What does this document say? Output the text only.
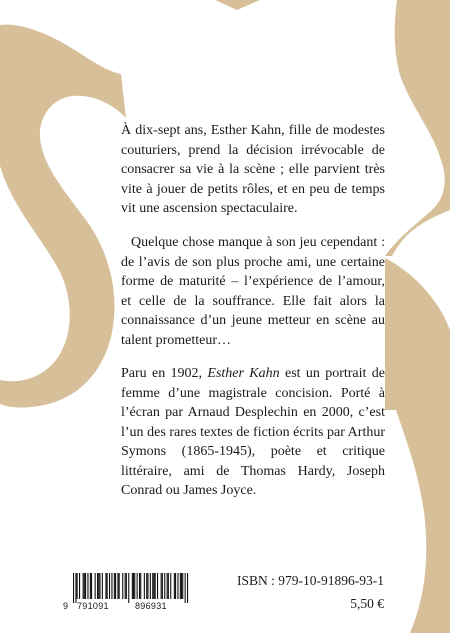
À dix-sept ans, Esther Kahn, fille de modestes couturiers, prend la décision irrévocable de consacrer sa vie à la scène ; elle parvient très vite à jouer de petits rôles, et en peu de temps vit une ascension spectaculaire.

Quelque chose manque à son jeu cependant : de l’avis de son plus proche ami, une certaine forme de maturité – l’expérience de l’amour, et celle de la souffrance. Elle fait alors la connaissance d’un jeune metteur en scène au talent prometteur…

Paru en 1902, Esther Kahn est un portrait de femme d’une magistrale concision. Porté à l’écran par Arnaud Desplechin en 2000, c’est l’un des rares textes de fiction écrits par Arthur Symons (1865-1945), poète et critique littéraire, ami de Thomas Hardy, Joseph Conrad ou James Joyce.

9 791091	896931
ISBN : 979-10-91896-93-1
5,50 €
